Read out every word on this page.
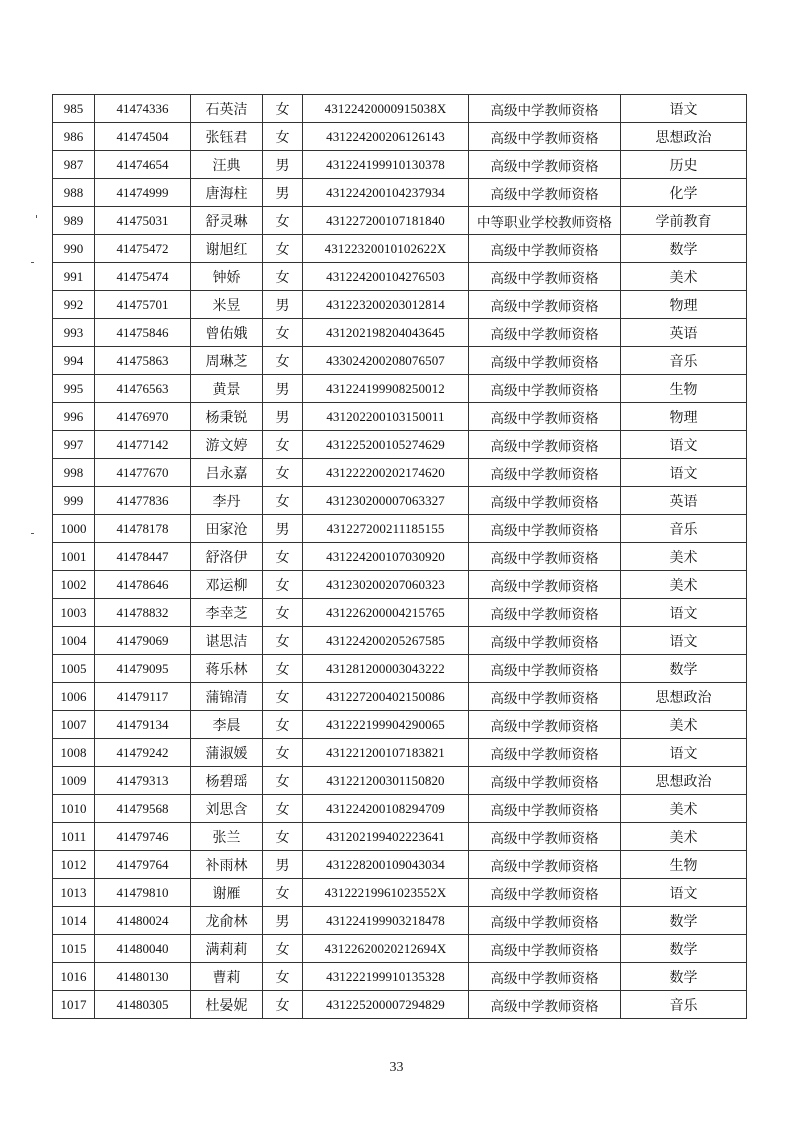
985	41474336	石英洁	女	43122420000915038X	高级中学教师资格	语文
986	41474504	张钰君	女	431224200206126143	高级中学教师资格	思想政治
987	41474654	汪典	男	431224199910130378	高级中学教师资格	历史
988	41474999	唐海柱	男	431224200104237934	高级中学教师资格	化学
989	41475031	舒灵琳	女	431227200107181840	中等职业学校教师资格	学前教育
990	41475472	谢旭红	女	43122320010102622X	高级中学教师资格	数学
991	41475474	钟娇	女	431224200104276503	高级中学教师资格	美术
992	41475701	米昱	男	431223200203012814	高级中学教师资格	物理
993	41475846	曾佑娥	女	431202198204043645	高级中学教师资格	英语
994	41475863	周琳芝	女	433024200208076507	高级中学教师资格	音乐
995	41476563	黄景	男	431224199908250012	高级中学教师资格	生物
996	41476970	杨秉锐	男	431202200103150011	高级中学教师资格	物理
997	41477142	游文婷	女	431225200105274629	高级中学教师资格	语文
998	41477670	吕永嘉	女	431222200202174620	高级中学教师资格	语文
999	41477836	李丹	女	431230200007063327	高级中学教师资格	英语
1000	41478178	田家沧	男	431227200211185155	高级中学教师资格	音乐
1001	41478447	舒洛伊	女	431224200107030920	高级中学教师资格	美术
1002	41478646	邓运柳	女	431230200207060323	高级中学教师资格	美术
1003	41478832	李幸芝	女	431226200004215765	高级中学教师资格	语文
1004	41479069	谌思洁	女	431224200205267585	高级中学教师资格	语文
1005	41479095	蒋乐林	女	431281200003043222	高级中学教师资格	数学
1006	41479117	蒲锦清	女	431227200402150086	高级中学教师资格	思想政治
1007	41479134	李晨	女	431222199904290065	高级中学教师资格	美术
1008	41479242	蒲淑媛	女	431221200107183821	高级中学教师资格	语文
1009	41479313	杨碧瑶	女	431221200301150820	高级中学教师资格	思想政治
1010	41479568	刘思含	女	431224200108294709	高级中学教师资格	美术
1011	41479746	张兰	女	431202199402223641	高级中学教师资格	美术
1012	41479764	补雨林	男	431228200109043034	高级中学教师资格	生物
1013	41479810	谢雁	女	43122219961023552X	高级中学教师资格	语文
1014	41480024	龙俞林	男	431224199903218478	高级中学教师资格	数学
1015	41480040	满莉莉	女	43122620020212694X	高级中学教师资格	数学
1016	41480130	曹莉	女	431222199910135328	高级中学教师资格	数学
1017	41480305	杜晏妮	女	431225200007294829	高级中学教师资格	音乐
33
